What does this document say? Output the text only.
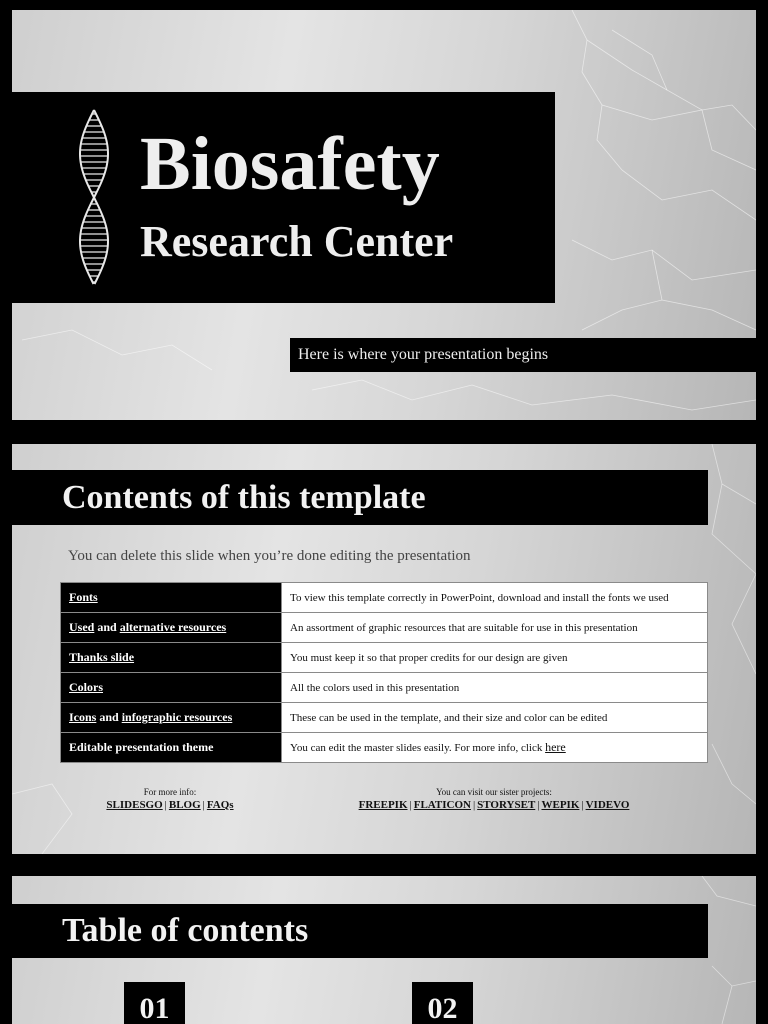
Biosafety
Research Center
Here is where your presentation begins
Contents of this template
You can delete this slide when you’re done editing the presentation
Fonts	To view this template correctly in PowerPoint, download and install the fonts we used
Used and alternative resources	An assortment of graphic resources that are suitable for use in this presentation
Thanks slide	You must keep it so that proper credits for our design are given
Colors	All the colors used in this presentation
Icons and infographic resources	These can be used in the template, and their size and color can be edited
Editable presentation theme	You can edit the master slides easily. For more info, click here
For more info:
SLIDESGO | BLOG | FAQs
You can visit our sister projects:
FREEPIK | FLATICON | STORYSET | WEPIK | VIDEVO
Table of contents
01	02
